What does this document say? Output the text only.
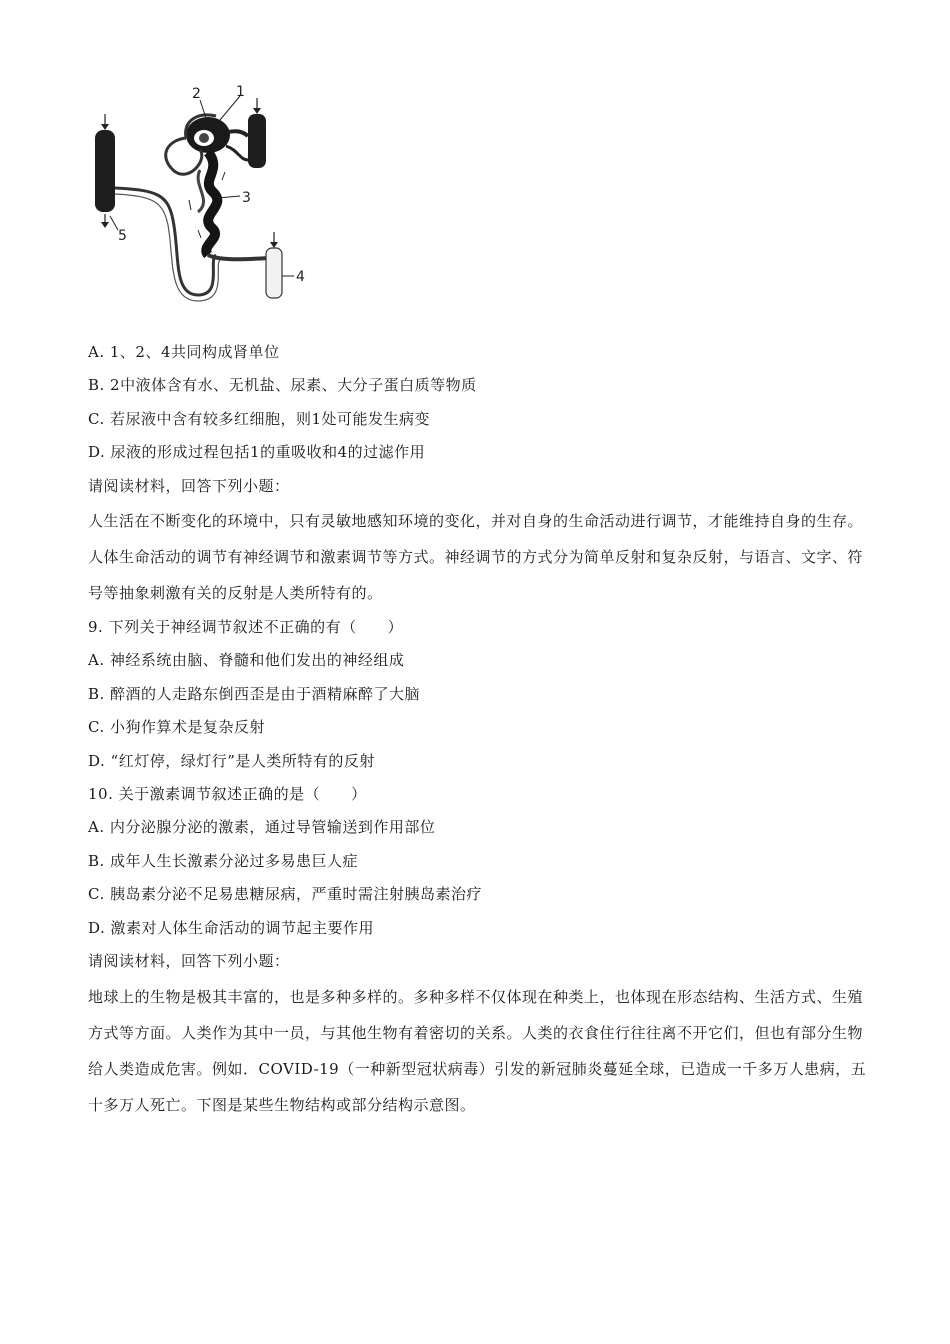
2	1
3
4
5
A. 1、2、4共同构成肾单位
B. 2中液体含有水、无机盐、尿素、大分子蛋白质等物质
C. 若尿液中含有较多红细胞，则1处可能发生病变
D. 尿液的形成过程包括1的重吸收和4的过滤作用
请阅读材料，回答下列小题：
人生活在不断变化的环境中，只有灵敏地感知环境的变化，并对自身的生命活动进行调节，才能维持自身的生存。人体生命活动的调节有神经调节和激素调节等方式。神经调节的方式分为简单反射和复杂反射，与语言、文字、符号等抽象刺激有关的反射是人类所特有的。
9. 下列关于神经调节叙述不正确的有（　　）
A. 神经系统由脑、脊髓和他们发出的神经组成
B. 醉酒的人走路东倒西歪是由于酒精麻醉了大脑
C. 小狗作算术是复杂反射
D. “红灯停，绿灯行”是人类所特有的反射
10. 关于激素调节叙述正确的是（　　）
A. 内分泌腺分泌的激素，通过导管输送到作用部位
B. 成年人生长激素分泌过多易患巨人症
C. 胰岛素分泌不足易患糖尿病，严重时需注射胰岛素治疗
D. 激素对人体生命活动的调节起主要作用
请阅读材料，回答下列小题：
地球上的生物是极其丰富的，也是多种多样的。多种多样不仅体现在种类上，也体现在形态结构、生活方式、生殖方式等方面。人类作为其中一员，与其他生物有着密切的关系。人类的衣食住行往往离不开它们，但也有部分生物给人类造成危害。例如．COVID-19（一种新型冠状病毒）引发的新冠肺炎蔓延全球，已造成一千多万人患病，五十多万人死亡。下图是某些生物结构或部分结构示意图。
